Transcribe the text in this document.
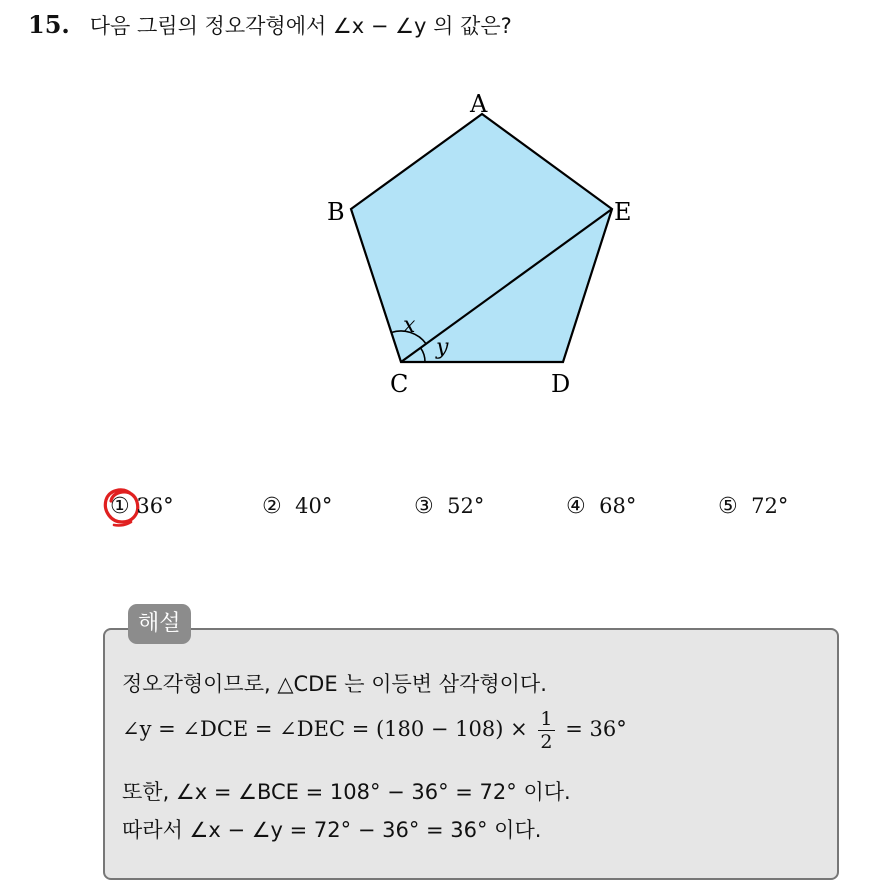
15. 다음 그림의 정오각형에서 ∠x − ∠y 의 값은?
A
B
C	D
E
x
y
① 36°	② 40°	③ 52°	④ 68°	⑤ 72°
해설
정오각형이므로, △CDE 는 이등변 삼각형이다.
∠y = ∠DCE = ∠DEC = $(180 - 108) \times \frac{1}{2} = 36^\circ$
또한, ∠x = ∠BCE = 108° − 36° = 72° 이다.
따라서 ∠x − ∠y = 72° − 36° = 36° 이다.
